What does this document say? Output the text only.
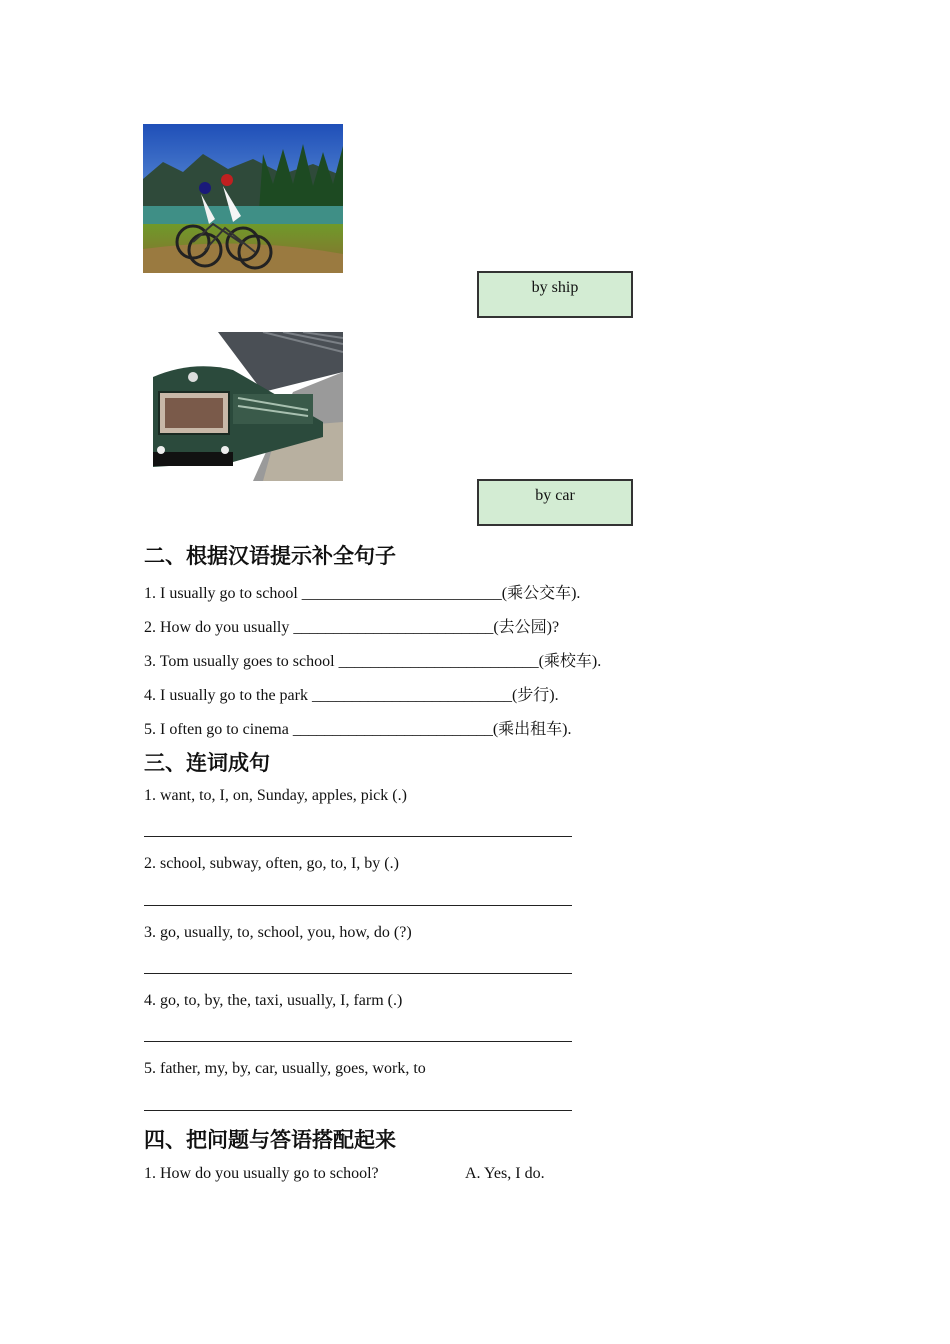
by ship
by car
二、根据汉语提示补全句子
1. I usually go to school _________________________(乘公交车).
2. How do you usually _________________________(去公园)?
3. Tom usually goes to school _________________________(乘校车).
4. I usually go to the park _________________________(步行).
5. I often go to cinema _________________________(乘出租车).
三、连词成句
1. want, to, I, on, Sunday, apples, pick (.)
2. school, subway, often, go, to, I, by (.)
3. go, usually, to, school, you, how, do (?)
4. go, to, by, the, taxi, usually, I, farm (.)
5. father, my, by, car, usually, goes, work, to
四、把问题与答语搭配起来
1. How do you usually go to school?	A. Yes, I do.
